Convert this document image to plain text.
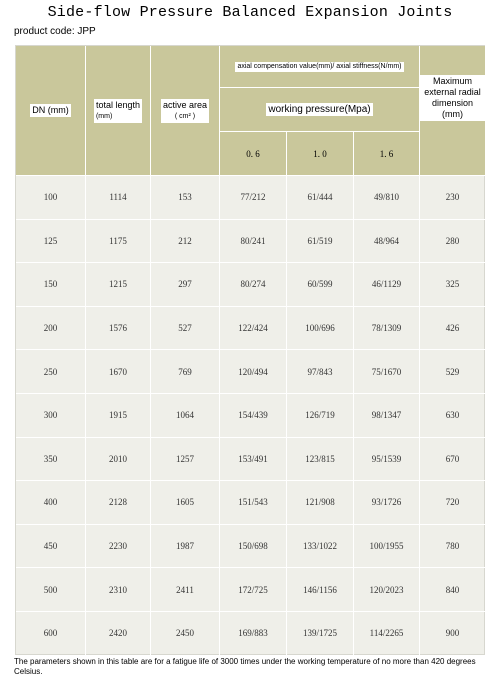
Side-flow Pressure Balanced Expansion Joints
product code: JPP
DN (mm)
total length
(mm)
active area
( cm² )
axial compensation value(mm)/ axial stiffness(N/mm)
working pressure(Mpa)
0. 6	1. 0	1. 6
Maximum external radial dimension
(mm)
100	1114	153	77/212	61/444	49/810	230
125	1175	212	80/241	61/519	48/964	280
150	1215	297	80/274	60/599	46/1129	325
200	1576	527	122/424	100/696	78/1309	426
250	1670	769	120/494	97/843	75/1670	529
300	1915	1064	154/439	126/719	98/1347	630
350	2010	1257	153/491	123/815	95/1539	670
400	2128	1605	151/543	121/908	93/1726	720
450	2230	1987	150/698	133/1022	100/1955	780
500	2310	2411	172/725	146/1156	120/2023	840
600	2420	2450	169/883	139/1725	114/2265	900
The parameters shown in this table are for a fatigue life of 3000 times under the working temperature of no more than 420 degrees Celsius.
